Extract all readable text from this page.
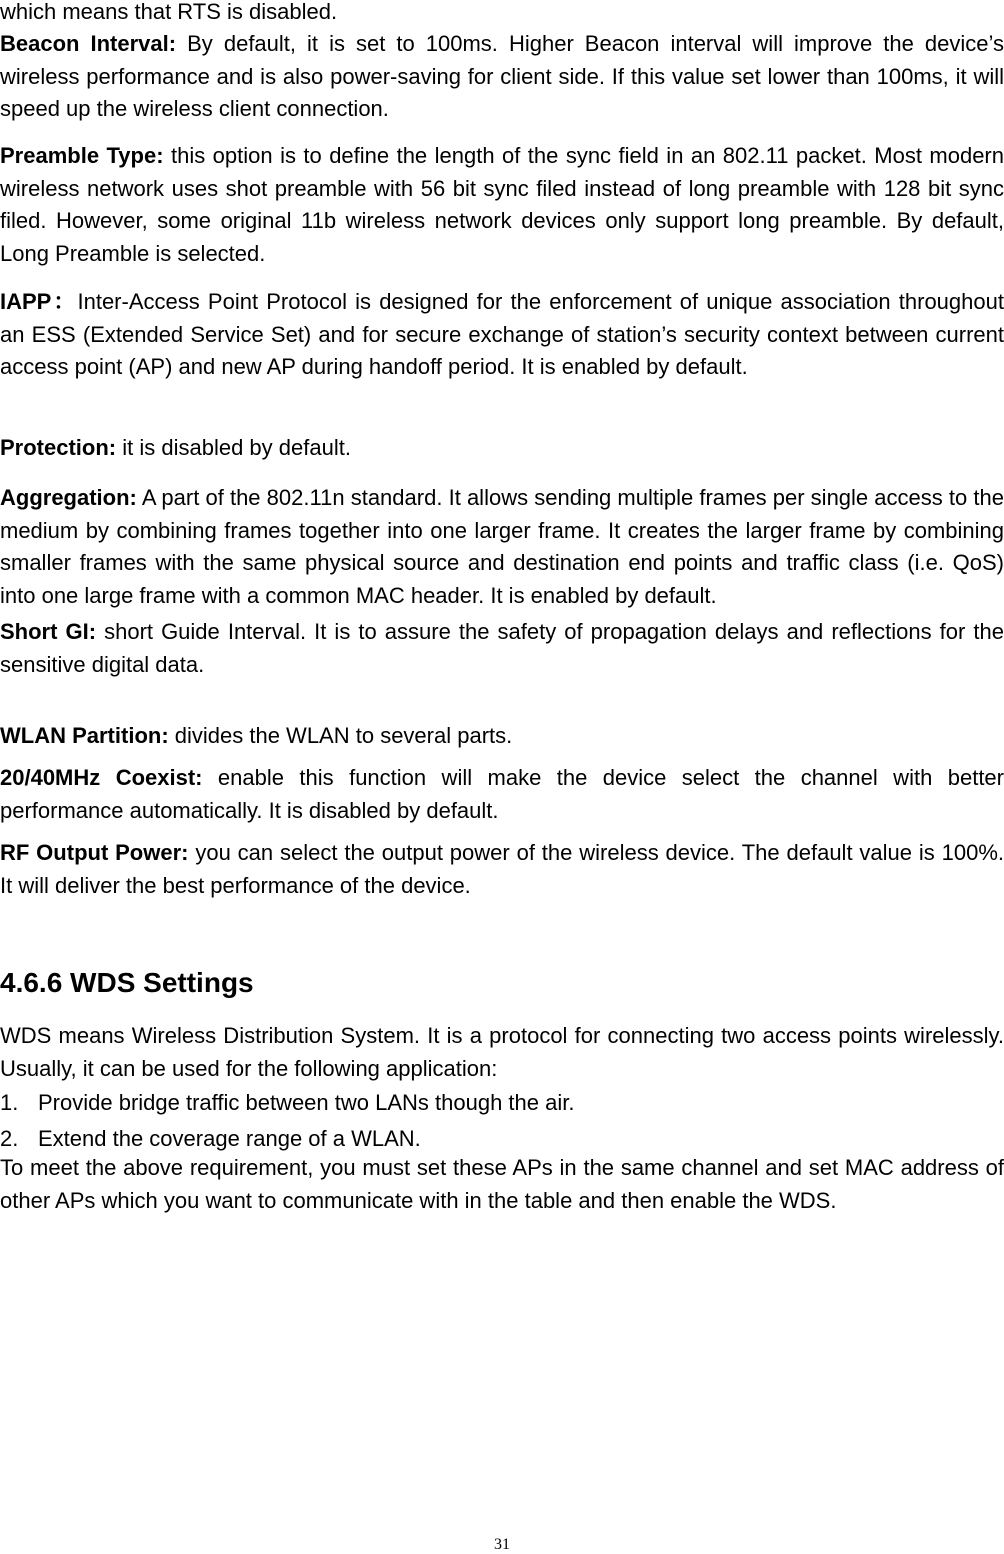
which means that RTS is disabled.

Beacon Interval: By default, it is set to 100ms. Higher Beacon interval will improve the device’s wireless performance and is also power-saving for client side. If this value set lower than 100ms, it will speed up the wireless client connection.

Preamble Type: this option is to define the length of the sync field in an 802.11 packet. Most modern wireless network uses shot preamble with 56 bit sync filed instead of long preamble with 128 bit sync filed. However, some original 11b wireless network devices only support long preamble. By default, Long Preamble is selected.

IAPP：Inter-Access Point Protocol is designed for the enforcement of unique association throughout an ESS (Extended Service Set) and for secure exchange of station’s security context between current access point (AP) and new AP during handoff period. It is enabled by default.

Protection: it is disabled by default.

Aggregation: A part of the 802.11n standard. It allows sending multiple frames per single access to the medium by combining frames together into one larger frame. It creates the larger frame by combining smaller frames with the same physical source and destination end points and traffic class (i.e. QoS) into one large frame with a common MAC header. It is enabled by default.

Short GI: short Guide Interval. It is to assure the safety of propagation delays and reflections for the sensitive digital data.

WLAN Partition: divides the WLAN to several parts.

20/40MHz Coexist: enable this function will make the device select the channel with better performance automatically. It is disabled by default.

RF Output Power: you can select the output power of the wireless device. The default value is 100%. It will deliver the best performance of the device.

4.6.6 WDS Settings

WDS means Wireless Distribution System. It is a protocol for connecting two access points wirelessly. Usually, it can be used for the following application:

1. Provide bridge traffic between two LANs though the air.

2. Extend the coverage range of a WLAN.

To meet the above requirement, you must set these APs in the same channel and set MAC address of other APs which you want to communicate with in the table and then enable the WDS.

31
